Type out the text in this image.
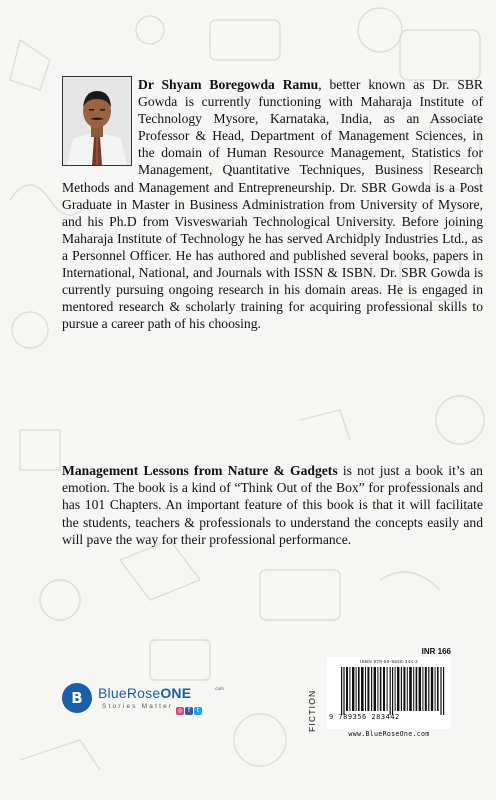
Dr Shyam Boregowda Ramu, better known as Dr. SBR Gowda is currently functioning with Maharaja Institute of Technology Mysore, Karnataka, India, as an Associate Professor & Head, Department of Management Sciences, in the domain of Human Resource Management, Statistics for Management, Quantitative Techniques, Business Research Methods and Management and Entrepreneurship. Dr. SBR Gowda is a Post Graduate in Master in Business Administration from University of Mysore, and his Ph.D from Visveswariah Technological University. Before joining Maharaja Institute of Technology he has served Archidply Industries Ltd., as a Personnel Officer. He has authored and published several books, papers in International, National, and Journals with ISSN & ISBN. Dr. SBR Gowda is currently pursuing ongoing research in his domain areas. He is engaged in mentored research & scholarly training for acquiring professional skills to pursue a career path of his choosing.

Management Lessons from Nature & Gadgets is not just a book it’s an emotion. The book is a kind of “Think Out of the Box” for professionals and has 101 Chapters. An important feature of this book is that it will facilitate the students, teachers & professionals to understand the concepts easily and will pave the way for their professional performance.

B BlueRoseONE	.com
Stories Matter
◎ f	t
INR 166
FICTION
ISBN 978-93-5628-344-2
9 789356 283442
www.BlueRoseOne.com
